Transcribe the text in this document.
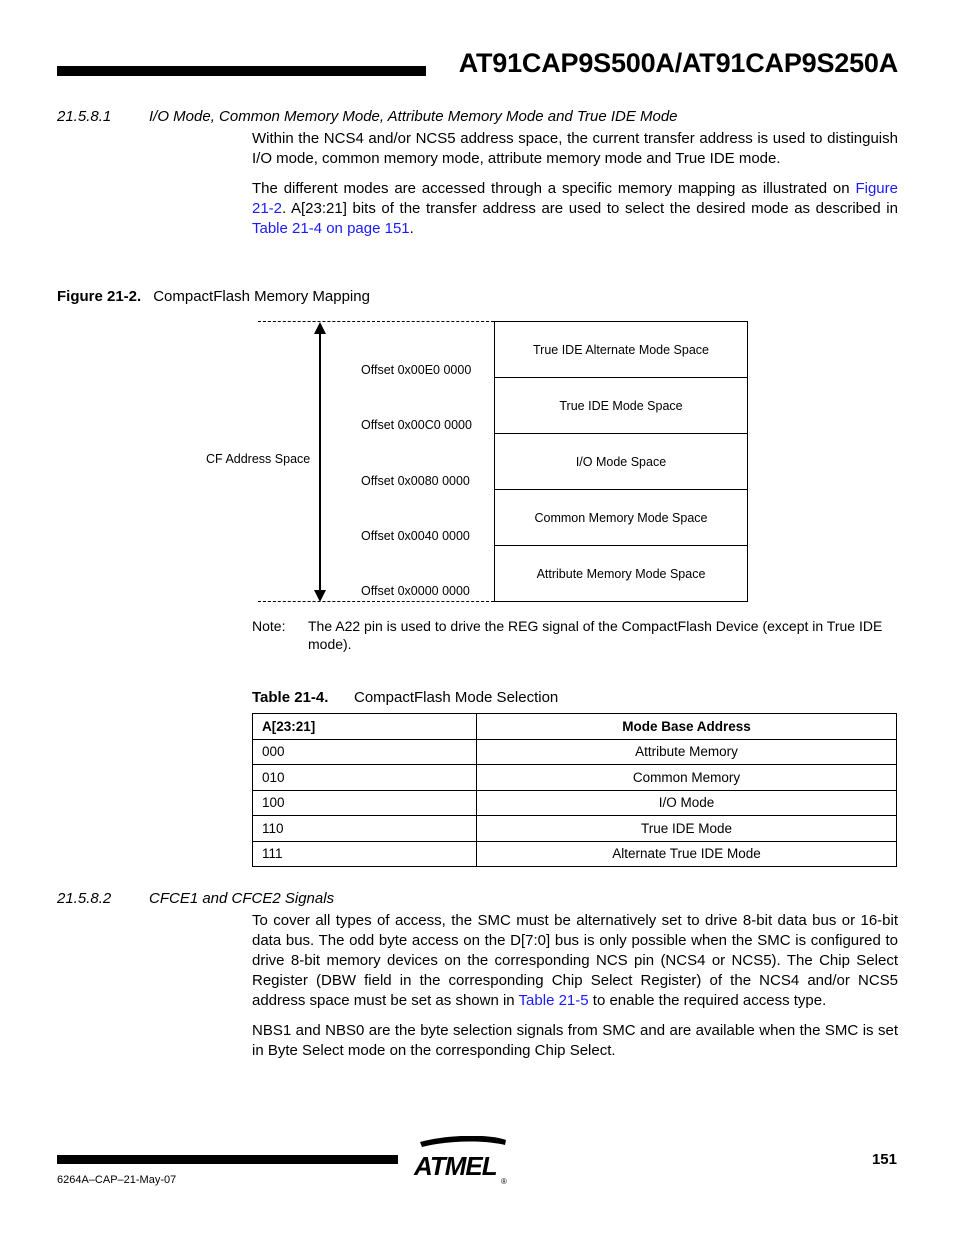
AT91CAP9S500A/AT91CAP9S250A
21.5.8.1	I/O Mode, Common Memory Mode, Attribute Memory Mode and True IDE Mode
Within the NCS4 and/or NCS5 address space, the current transfer address is used to distinguish I/O mode, common memory mode, attribute memory mode and True IDE mode.
The different modes are accessed through a specific memory mapping as illustrated on Figure 21-2. A[23:21] bits of the transfer address are used to select the desired mode as described in Table 21-4 on page 151.
Figure 21-2. CompactFlash Memory Mapping
CF Address Space
Offset 0x00E0 0000
Offset 0x00C0 0000
Offset 0x0080 0000
Offset 0x0040 0000
Offset 0x0000 0000
True IDE Alternate Mode Space
True IDE Mode Space
I/O Mode Space
Common Memory Mode Space
Attribute Memory Mode Space
Note: The A22 pin is used to drive the REG signal of the CompactFlash Device (except in True IDE mode).
Table 21-4. CompactFlash Mode Selection
A[23:21]	Mode Base Address
000	Attribute Memory
010	Common Memory
100	I/O Mode
110	True IDE Mode
111	Alternate True IDE Mode
21.5.8.2	CFCE1 and CFCE2 Signals
To cover all types of access, the SMC must be alternatively set to drive 8-bit data bus or 16-bit data bus. The odd byte access on the D[7:0] bus is only possible when the SMC is configured to drive 8-bit memory devices on the corresponding NCS pin (NCS4 or NCS5). The Chip Select Register (DBW field in the corresponding Chip Select Register) of the NCS4 and/or NCS5 address space must be set as shown in Table 21-5 to enable the required access type.
NBS1 and NBS0 are the byte selection signals from SMC and are available when the SMC is set in Byte Select mode on the corresponding Chip Select.
6264A–CAP–21-May-07
151
ATMEL
®
